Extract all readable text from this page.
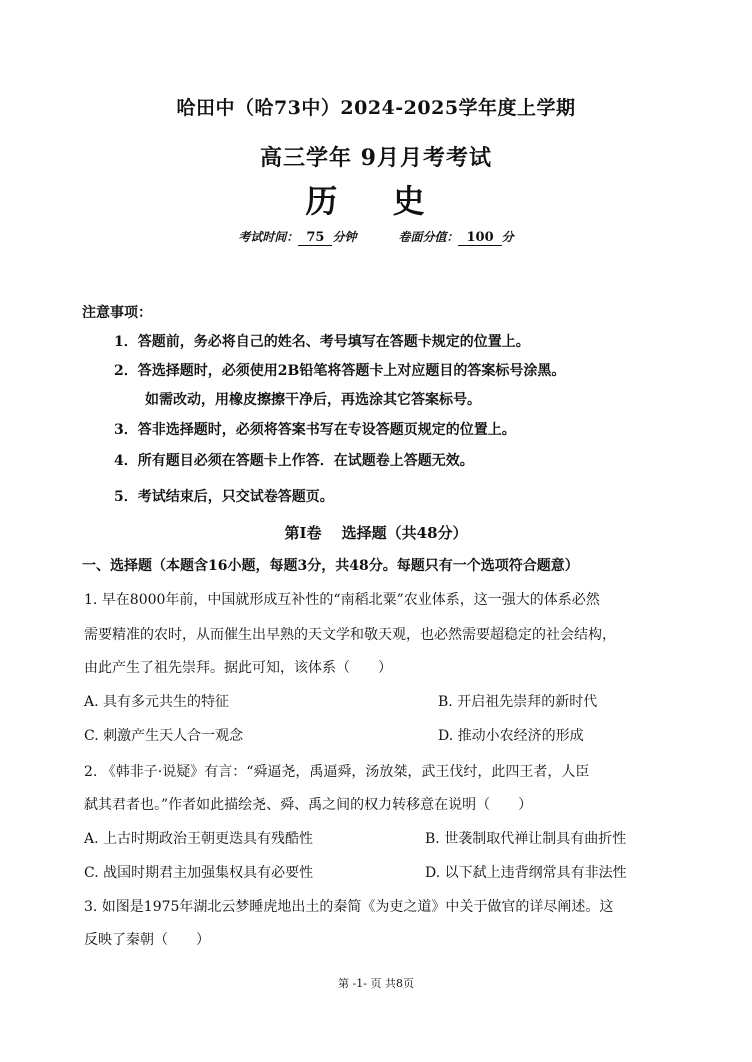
哈田中（哈73中）2024-2025学年度上学期
高三学年 9月月考考试
历 史
考试时间： 75 分钟	卷面分值： 100 分
注意事项：
1．答题前，务必将自己的姓名、考号填写在答题卡规定的位置上。
2．答选择题时，必须使用2B铅笔将答题卡上对应题目的答案标号涂黑。
如需改动，用橡皮擦擦干净后，再选涂其它答案标号。
3．答非选择题时，必须将答案书写在专设答题页规定的位置上。
4．所有题目必须在答题卡上作答．在试题卷上答题无效。
5．考试结束后，只交试卷答题页。
第Ⅰ卷　 选择题（共48分）
一、选择题（本题含16小题，每题3分，共48分。每题只有一个选项符合题意）
1. 早在8000年前，中国就形成互补性的“南稻北粟”农业体系，这一强大的体系必然
需要精准的农时，从而催生出早熟的天文学和敬天观，也必然需要超稳定的社会结构，
由此产生了祖先崇拜。据此可知，该体系（　　）
A. 具有多元共生的特征	B. 开启祖先崇拜的新时代
C. 刺激产生天人合一观念	D. 推动小农经济的形成
2. 《韩非子·说疑》有言：“舜逼尧，禹逼舜，汤放桀，武王伐纣，此四王者，人臣
弑其君者也。”作者如此描绘尧、舜、禹之间的权力转移意在说明（　　）
A. 上古时期政治王朝更迭具有残酷性	B. 世袭制取代禅让制具有曲折性
C. 战国时期君主加强集权具有必要性	D. 以下弑上违背纲常具有非法性
3. 如图是1975年湖北云梦睡虎地出土的秦简《为吏之道》中关于做官的详尽阐述。这
反映了秦朝（　　）
第 -1- 页 共8页
